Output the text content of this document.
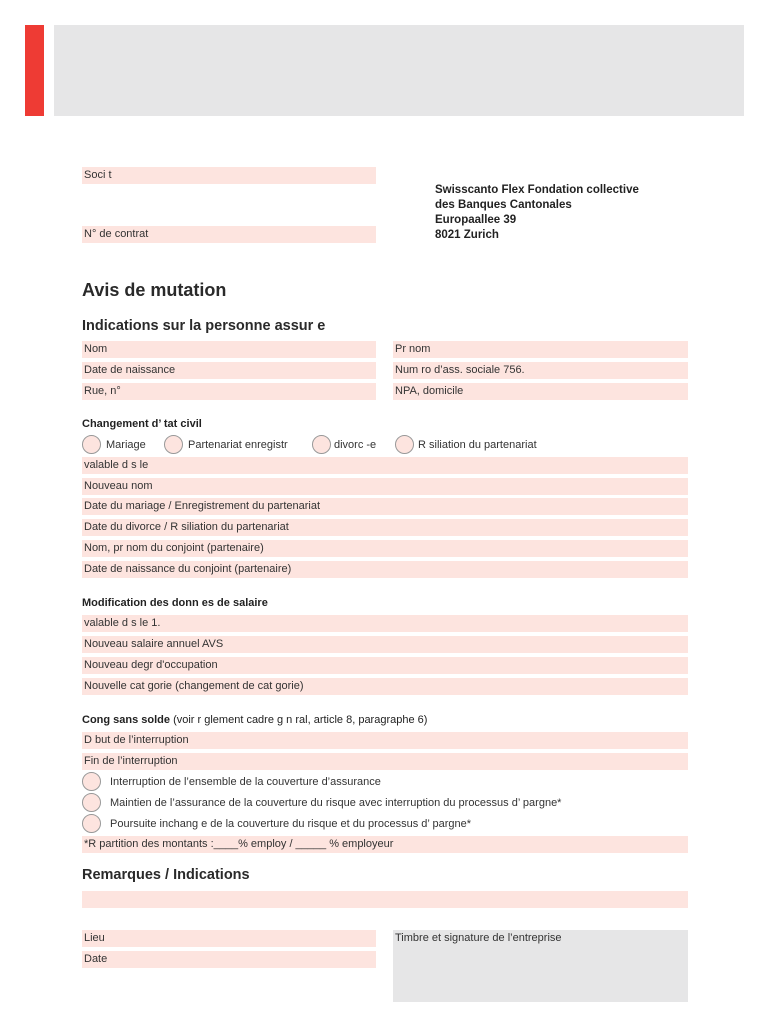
Soci t
N° de contrat
Swisscanto Flex Fondation collective
des Banques Cantonales
Europaallee 39
8021 Zurich
Avis de mutation
Indications sur la personne assur e
Nom	Pr nom
Date de naissance	Num ro d’ass. sociale 756.
Rue, n°	NPA, domicile
Changement d’ tat civil
Mariage	Partenariat enregistr	divorc -e	R siliation du partenariat
valable d s le
Nouveau nom
Date du mariage / Enregistrement du partenariat
Date du divorce / R siliation du partenariat
Nom, pr nom du conjoint (partenaire)
Date de naissance du conjoint (partenaire)
Modification des donn es de salaire
valable d s le 1.
Nouveau salaire annuel AVS
Nouveau degr d'occupation
Nouvelle cat gorie (changement de cat gorie)
Cong sans solde (voir r glement cadre g n ral, article 8, paragraphe 6)
D but de l’interruption
Fin de l’interruption
Interruption de l’ensemble de la couverture d’assurance
Maintien de l’assurance de la couverture du risque avec interruption du processus d’ pargne*
Poursuite inchang e de la couverture du risque et du processus d’ pargne*
*R partition des montants :____% employ / _____ % employeur
Remarques / Indications
Lieu
Date
Timbre et signature de l’entreprise
